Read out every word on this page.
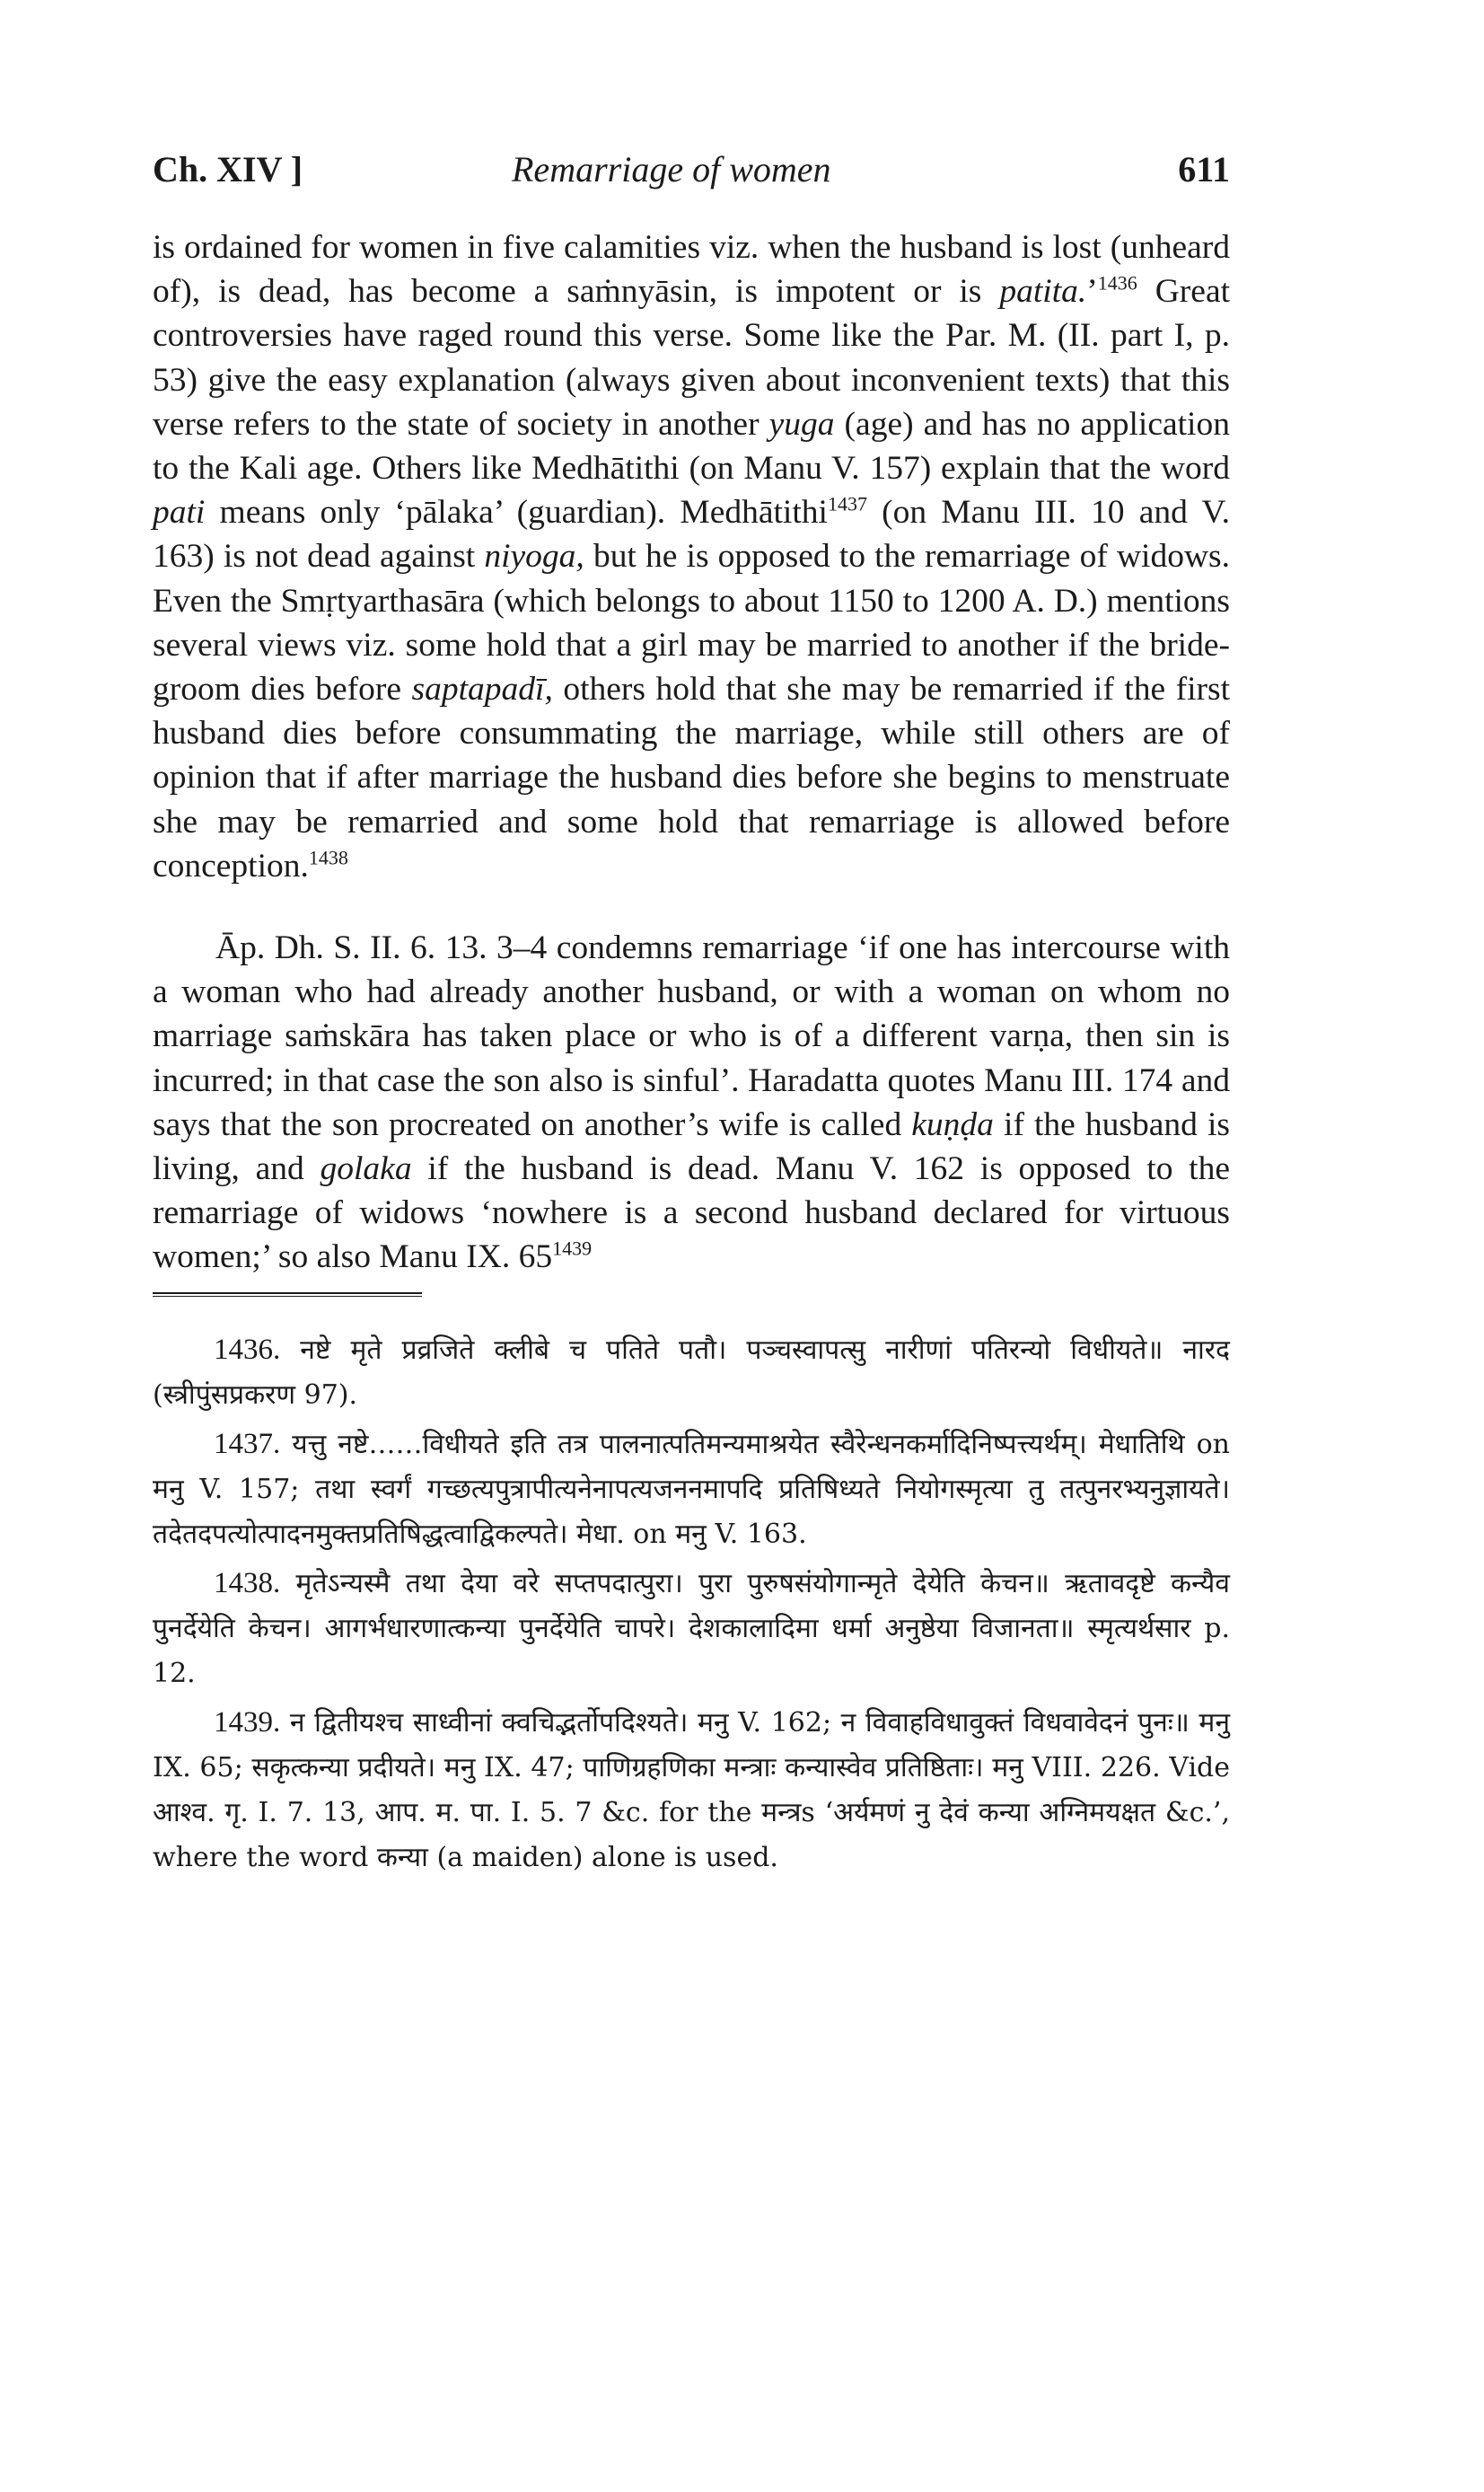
Ch. XIV ]	Remarriage of women	611

is ordained for women in five calamities viz. when the husband is lost (unheard of), is dead, has become a saṁnyāsin, is impotent or is patita.’$^{1436}$ Great controversies have raged round this verse. Some like the Par. M. (II. part I, p. 53) give the easy explanation (always given about inconvenient texts) that this verse refers to the state of society in another yuga (age) and has no application to the Kali age. Others like Medhātithi (on Manu V. 157) explain that the word pati means only ‘pālaka’ (guardian). Medhātithi$^{1437}$ (on Manu III. 10 and V. 163) is not dead against niyoga, but he is opposed to the remarriage of widows. Even the Smṛtyarthasāra (which belongs to about 1150 to 1200 A. D.) mentions several views viz. some hold that a girl may be married to another if the bride-groom dies before saptapadī, others hold that she may be remarried if the first husband dies before consummating the marriage, while still others are of opinion that if after marriage the husband dies before she begins to menstruate she may be remarried and some hold that remarriage is allowed before conception.$^{1438}$

Āp. Dh. S. II. 6. 13. 3–4 condemns remarriage ‘if one has intercourse with a woman who had already another husband, or with a woman on whom no marriage saṁskāra has taken place or who is of a different varṇa, then sin is incurred; in that case the son also is sinful’. Haradatta quotes Manu III. 174 and says that the son procreated on another’s wife is called kuṇḍa if the husband is living, and golaka if the husband is dead. Manu V. 162 is opposed to the remarriage of widows ‘nowhere is a second husband declared for virtuous women;’ so also Manu IX. $65^{1439}$

1436. नष्टे मृते प्रव्रजिते क्लीबे च पतिते पतौ। पञ्चस्वापत्सु नारीणां पतिरन्यो विधीयते॥ नारद (स्त्रीपुंसप्रकरण 97).

1437. यत्तु नष्टे……विधीयते इति तत्र पालनात्पतिमन्यमाश्रयेत स्वैरेन्धनकर्मादिनिष्पत्त्यर्थम्। मेधातिथि on मनु V. 157; तथा स्वर्गं गच्छत्यपुत्रापीत्यनेनापत्यजननमापदि प्रतिषिध्यते नियोगस्मृत्या तु तत्पुनरभ्यनुज्ञायते। तदेतदपत्योत्पादनमुक्तप्रतिषिद्धत्वाद्विकल्पते। मेधा. on मनु V. 163.

1438. मृतेऽन्यस्मै तथा देया वरे सप्तपदात्पुरा। पुरा पुरुषसंयोगान्मृते देयेति केचन॥ ऋतावदृष्टे कन्यैव पुनर्देयेति केचन। आगर्भधारणात्कन्या पुनर्देयेति चापरे। देशकालादिमा धर्मा अनुष्ठेया विजानता॥ स्मृत्यर्थसार p. 12.

1439. न द्वितीयश्च साध्वीनां क्वचिद्भर्तोपदिश्यते। मनु V. 162; न विवाहविधावुक्तं विधवावेदनं पुनः॥ मनु IX. 65; सकृत्कन्या प्रदीयते। मनु IX. 47; पाणिग्रहणिका मन्त्राः कन्यास्वेव प्रतिष्ठिताः। मनु VIII. 226. Vide आश्व. गृ. I. 7. 13, आप. म. पा. I. 5. 7 &c. for the मन्त्रs ‘अर्यमणं नु देवं कन्या अग्निमयक्षत &c.’, where the word कन्या (a maiden) alone is used.
